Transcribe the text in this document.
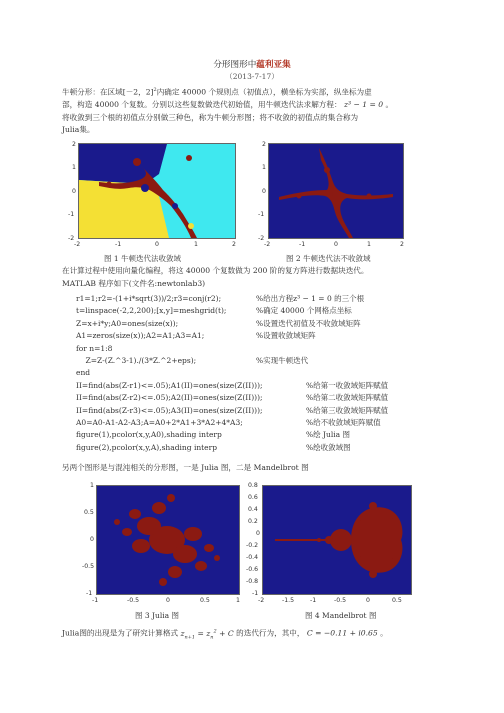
分形图形中蕴利亚集
（2013-7-17）
牛顿分形：在区域[－2，2]$^2$内确定 40000 个规则点（初值点），横坐标为实部，纵坐标为虚
部，构造 40000 个复数。分别以这些复数做迭代初始值，用牛顿迭代法求解方程： z³ − 1 = 0 。
将收敛到三个根的初值点分别做三种色，称为牛顿分形图；将不收敛的初值点的集合称为
Julia集。
2
1
0
-1
-2
-2	-1	0	1	2
2
1
0
-1
-2
-2	-1	0	1	2
图 1 牛顿迭代法收敛域	图 2 牛顿迭代法不收敛域
在计算过程中使用向量化编程，将这 40000 个复数做为 200 阶的复方阵进行数据块迭代。
MATLAB 程序如下(文件名:newtonlab3)
r1=1;r2=-(1+i*sqrt(3))/2;r3=conj(r2);	%给出方程z³ − 1 = 0 的三个根
t=linspace(-2,2,200);[x,y]=meshgrid(t);	%确定 40000 个网格点坐标
Z=x+i*y;A0=ones(size(x));	%设置迭代初值及不收敛域矩阵
A1=zeros(size(x));A2=A1;A3=A1;	%设置收敛域矩阵
for n=1:8
Z=Z-(Z.^3-1)./(3*Z.^2+eps);	%实现牛顿迭代
end
II=find(abs(Z-r1)<=.05);A1(II)=ones(size(Z(II)));	%给第一收敛域矩阵赋值
II=find(abs(Z-r2)<=.05);A2(II)=ones(size(Z(II)));	%给第二收敛域矩阵赋值
II=find(abs(Z-r3)<=.05);A3(II)=ones(size(Z(II)));	%给第三收敛域矩阵赋值
A0=A0-A1-A2-A3;A=A0+2*A1+3*A2+4*A3;	%给不收敛域矩阵赋值
figure(1),pcolor(x,y,A0),shading interp	%绘 Julia 图
figure(2),pcolor(x,y,A),shading interp	%绘收敛域图
另两个图形是与混沌相关的分形图，一是 Julia 图，二是 Mandelbrot 图
1
0.5
0
-0.5
-1
-1	-0.5	0	0.5	1
0.8
0.6
0.4
0.2
0
-0.2
-0.4
-0.6
-0.8
-1
-2	-1.5	-1	-0.5	0	0.5
图 3 Julia 图	图 4 Mandelbrot 图
Julia图的出现是为了研究计算格式 $z_{n+1} = z_n^2 + C$ 的迭代行为，其中， C = −0.11 + i0.65 。
